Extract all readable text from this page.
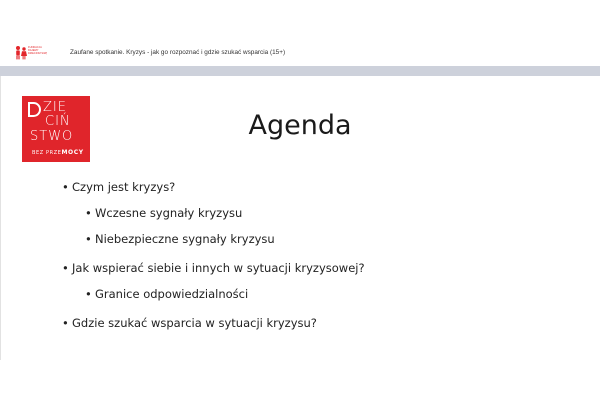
FUNDACJA DAJEMY DZIECIOM SIŁĘ	Zaufane spotkanie. Kryzys - jak go rozpoznać i gdzie szukać wsparcia (15+)
ZIE
CIŃ
STWO
BEZ PRZEMOCY
Agenda
• Czym jest kryzys?
• Wczesne sygnały kryzysu
• Niebezpieczne sygnały kryzysu
• Jak wspierać siebie i innych w sytuacji kryzysowej?
• Granice odpowiedzialności
• Gdzie szukać wsparcia w sytuacji kryzysu?
